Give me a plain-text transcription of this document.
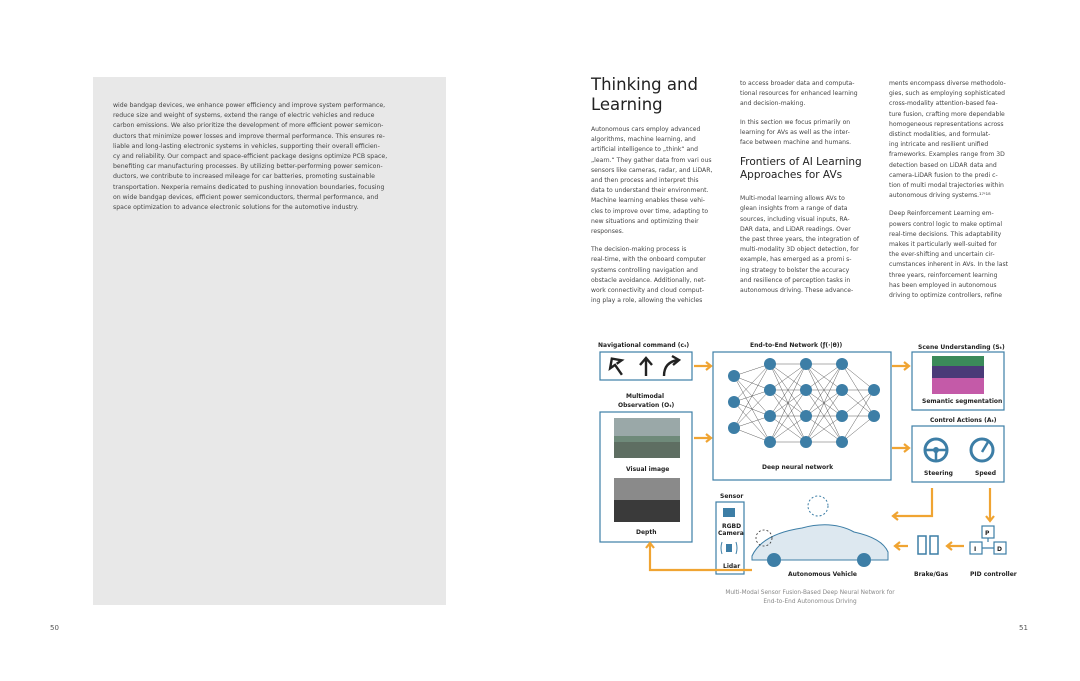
wide bandgap devices, we enhance power efficiency and improve system performance,
reduce size and weight of systems, extend the range of electric vehicles and reduce
carbon emissions. We also prioritize the development of more efficient power semicon-
ductors that minimize power losses and improve thermal performance. This ensures re-
liable and long-lasting electronic systems in vehicles, supporting their overall efficien-
cy and reliability. Our compact and space-efficient package designs optimize PCB space,
benefiting car manufacturing processes. By utilizing better-performing power semicon-
ductors, we contribute to increased mileage for car batteries, promoting sustainable
transportation. Nexperia remains dedicated to pushing innovation boundaries, focusing
on wide bandgap devices, efficient power semiconductors, thermal performance, and
space optimization to advance electronic solutions for the automotive industry.
50
Thinking and
Learning

Autonomous cars employ advanced
algorithms, machine learning, and
artificial intelligence to „think“ and
„learn.“ They gather data from vari ous
sensors like cameras, radar, and LiDAR,
and then process and interpret this
data to understand their environment.
Machine learning enables these vehi-
cles to improve over time, adapting to
new situations and optimizing their
responses.

The decision-making process is
real-time, with the onboard computer
systems controlling navigation and
obstacle avoidance. Additionally, net-
work connectivity and cloud comput-
ing play a role, allowing the vehicles

to access broader data and computa-
tional resources for enhanced learning
and decision-making.

In this section we focus primarily on
learning for AVs as well as the inter-
face between machine and humans.

Frontiers of AI Learning
Approaches for AVs
Multi-modal learning allows AVs to
glean insights from a range of data
sources, including visual inputs, RA-
DAR data, and LiDAR readings. Over
the past three years, the integration of
multi-modality 3D object detection, for
example, has emerged as a promi s-
ing strategy to bolster the accuracy
and resilience of perception tasks in
autonomous driving. These advance-

ments encompass diverse methodolo-
gies, such as employing sophisticated
cross-modality attention-based fea-
ture fusion, crafting more dependable
homogeneous representations across
distinct modalities, and formulat-
ing intricate and resilient unified
frameworks. Examples range from 3D
detection based on LiDAR data and
camera-LiDAR fusion to the predi c-
tion of multi modal trajectories within
autonomous driving systems.¹⁷'¹⁸

Deep Reinforcement Learning em-
powers control logic to make optimal
real-time decisions. This adaptability
makes it particularly well-suited for
the ever-shifting and uncertain cir-
cumstances inherent in AVs. In the last
three years, reinforcement learning
has been employed in autonomous
driving to optimize controllers, refine

Navigational command (cₜ)	End-to-End Network (ƒ(·|θ))	Scene Understanding (Sₜ)
Multimodal
Observation (Oₜ)
Visual image
Depth
Deep neural network
Semantic segmentation
Control Actions (Aₜ)
Steering	Speed
Sensor
RGBD
Camera
Lidar
Autonomous Vehicle	Brake/Gas
P
I	D
PID controller
Multi-Modal Sensor Fusion-Based Deep Neural Network for
End-to-End Autonomous Driving
51
